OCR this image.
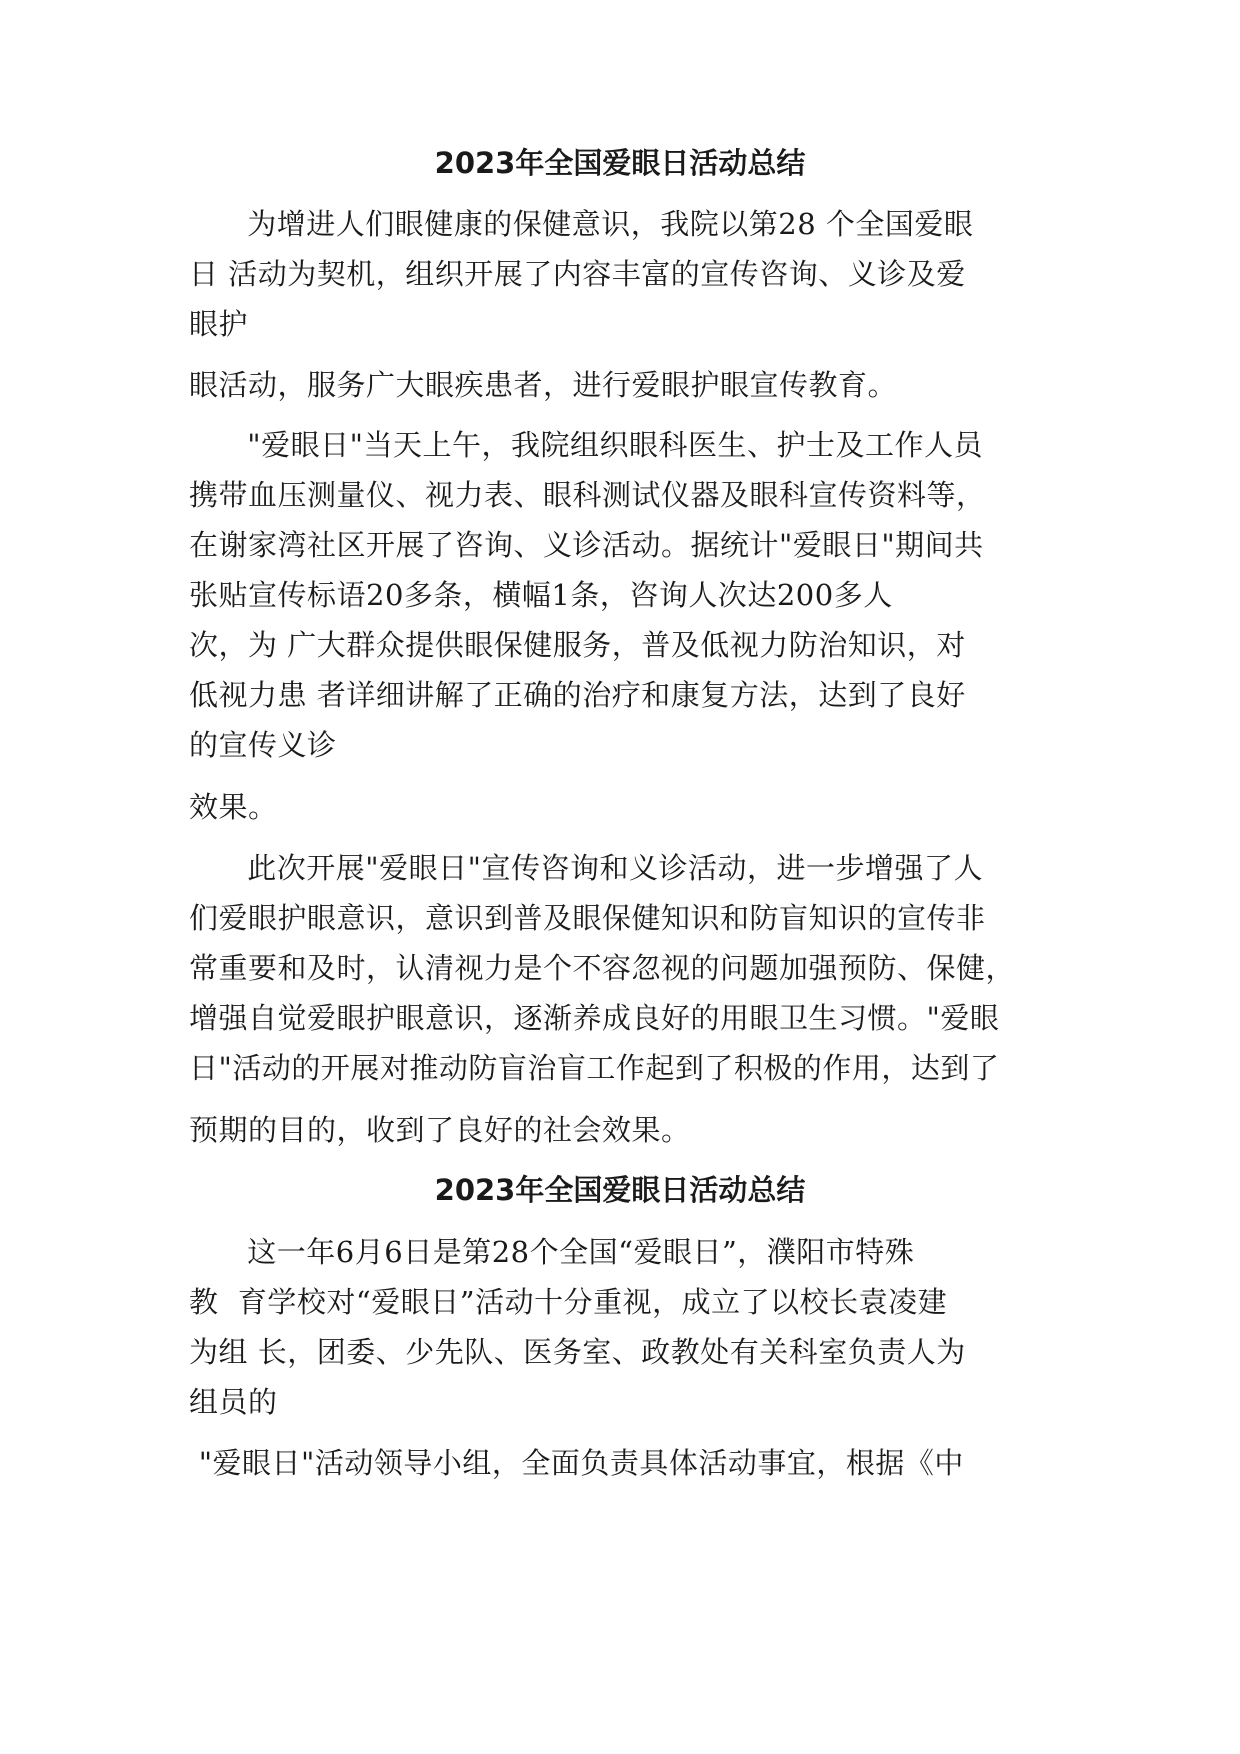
2023年全国爱眼日活动总结
为增进人们眼健康的保健意识，我院以第28 个全国爱眼
日 活动为契机，组织开展了内容丰富的宣传咨询、义诊及爱
眼护
眼活动，服务广大眼疾患者，进行爱眼护眼宣传教育。
"爱眼日"当天上午，我院组织眼科医生、护士及工作人员
携带血压测量仪、视力表、眼科测试仪器及眼科宣传资料等，
在谢家湾社区开展了咨询、义诊活动。据统计"爱眼日"期间共
张贴宣传标语20多条，横幅1条，咨询人次达200多人
次，为 广大群众提供眼保健服务，普及低视力防治知识，对
低视力患 者详细讲解了正确的治疗和康复方法，达到了良好
的宣传义诊
效果。
此次开展"爱眼日"宣传咨询和义诊活动，进一步增强了人
们爱眼护眼意识，意识到普及眼保健知识和防盲知识的宣传非
常重要和及时，认清视力是个不容忽视的问题加强预防、保健，
增强自觉爱眼护眼意识，逐渐养成良好的用眼卫生习惯。"爱眼
日"活动的开展对推动防盲治盲工作起到了积极的作用，达到了
预期的目的，收到了良好的社会效果。
2023年全国爱眼日活动总结
这一年6月6日是第28个全国“爱眼日”，濮阳市特殊
教  育学校对“爱眼日”活动十分重视，成立了以校长袁凌建
为组 长，团委、少先队、医务室、政教处有关科室负责人为
组员的
"爱眼日"活动领导小组，全面负责具体活动事宜，根据《中
